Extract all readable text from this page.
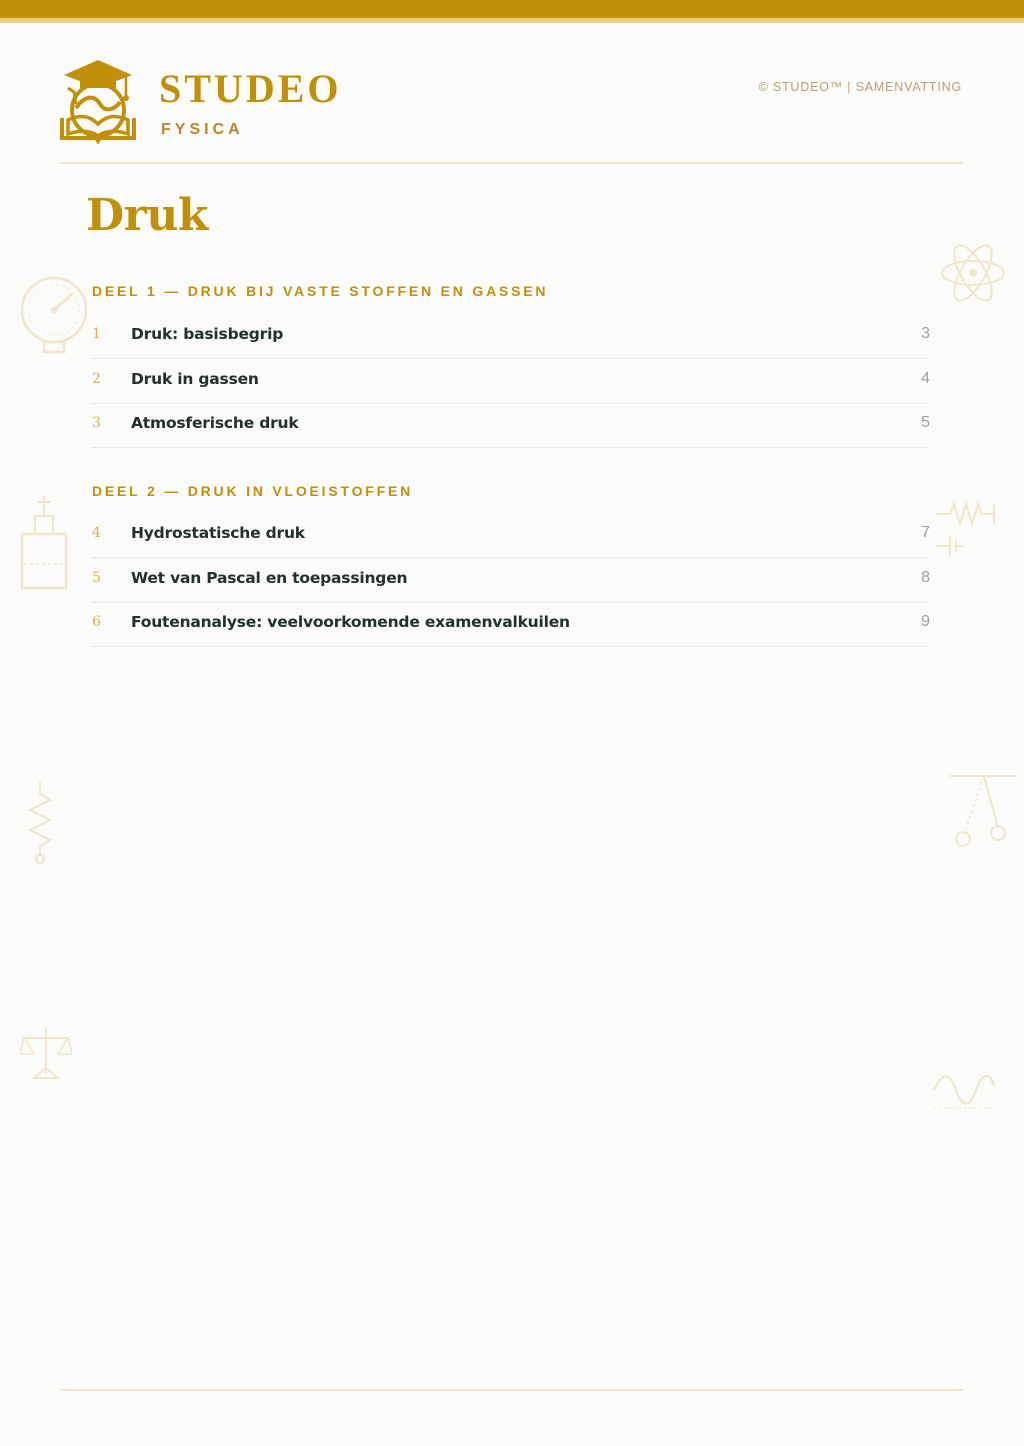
STUDEO
FYSICA
© STUDEO™ | SAMENVATTING
Druk
DEEL 1 — DRUK BIJ VASTE STOFFEN EN GASSEN
1 Druk: basisbegrip	3
2 Druk in gassen	4
3 Atmosferische druk	5
DEEL 2 — DRUK IN VLOEISTOFFEN
4 Hydrostatische druk	7
5 Wet van Pascal en toepassingen	8
6 Foutenanalyse: veelvoorkomende examenvalkuilen	9
